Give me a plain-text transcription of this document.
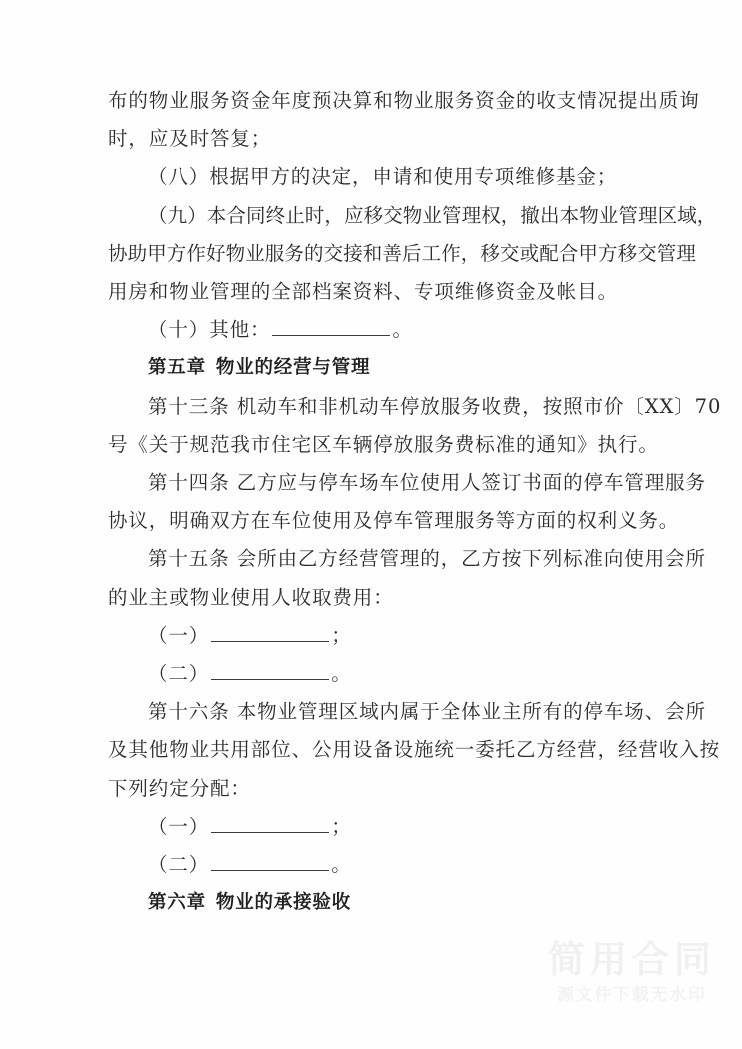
布的物业服务资金年度预决算和物业服务资金的收支情况提出质询
时，应及时答复；
（八）根据甲方的决定，申请和使用专项维修基金；
（九）本合同终止时，应移交物业管理权，撤出本物业管理区域，
协助甲方作好物业服务的交接和善后工作，移交或配合甲方移交管理
用房和物业管理的全部档案资料、专项维修资金及帐目。
（十）其他：	。
第五章 物业的经营与管理
第十三条 机动车和非机动车停放服务收费，按照市价〔XX〕70
号《关于规范我市住宅区车辆停放服务费标准的通知》执行。
第十四条 乙方应与停车场车位使用人签订书面的停车管理服务
协议，明确双方在车位使用及停车管理服务等方面的权利义务。
第十五条 会所由乙方经营管理的，乙方按下列标准向使用会所
的业主或物业使用人收取费用：
（一）	；
（二）	。
第十六条 本物业管理区域内属于全体业主所有的停车场、会所
及其他物业共用部位、公用设备设施统一委托乙方经营，经营收入按
下列约定分配：
（一）	；
（二）	。
第六章 物业的承接验收
简用合同
源文件下载无水印
